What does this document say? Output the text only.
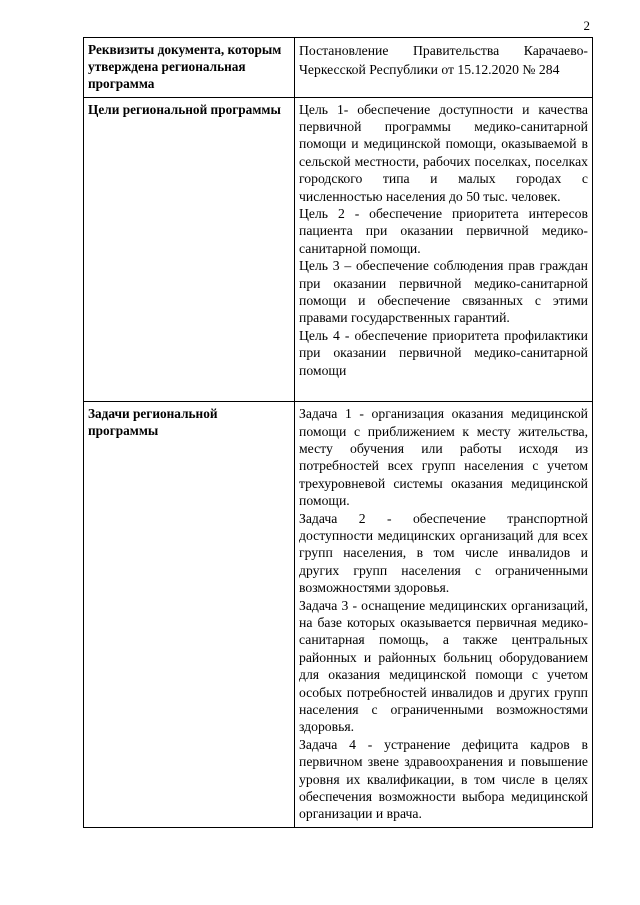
2
Реквизиты документа, которым утверждена региональная программа	Постановление Правительства Карачаево-Черкесской Республики от 15.12.2020 № 284

Цели региональной программы	Цель 1- обеспечение доступности и качества первичной программы медико-санитарной помощи и медицинской помощи, оказываемой в сельской местности, рабочих поселках, поселках городского типа и малых городах с численностью населения до 50 тыс. человек.

Цель 2 - обеспечение приоритета интересов пациента при оказании первичной медико-санитарной помощи.

Цель 3 – обеспечение соблюдения прав граждан при оказании первичной медико-санитарной помощи и обеспечение связанных с этими правами государственных гарантий.

Цель 4 - обеспечение приоритета профилактики при оказании первичной медико-санитарной помощи

Задачи региональной программы	Задача 1 - организация оказания медицинской помощи с приближением к месту жительства, месту обучения или работы исходя из потребностей всех групп населения с учетом трехуровневой системы оказания медицинской помощи.

Задача 2 - обеспечение транспортной доступности медицинских организаций для всех групп населения, в том числе инвалидов и других групп населения с ограниченными возможностями здоровья.

Задача 3 - оснащение медицинских организаций, на базе которых оказывается первичная медико-санитарная помощь, а также центральных районных и районных больниц оборудованием для оказания медицинской помощи с учетом особых потребностей инвалидов и других групп населения с ограниченными возможностями здоровья.

Задача 4 - устранение дефицита кадров в первичном звене здравоохранения и повышение уровня их квалификации, в том числе в целях обеспечения возможности выбора медицинской организации и врача.
